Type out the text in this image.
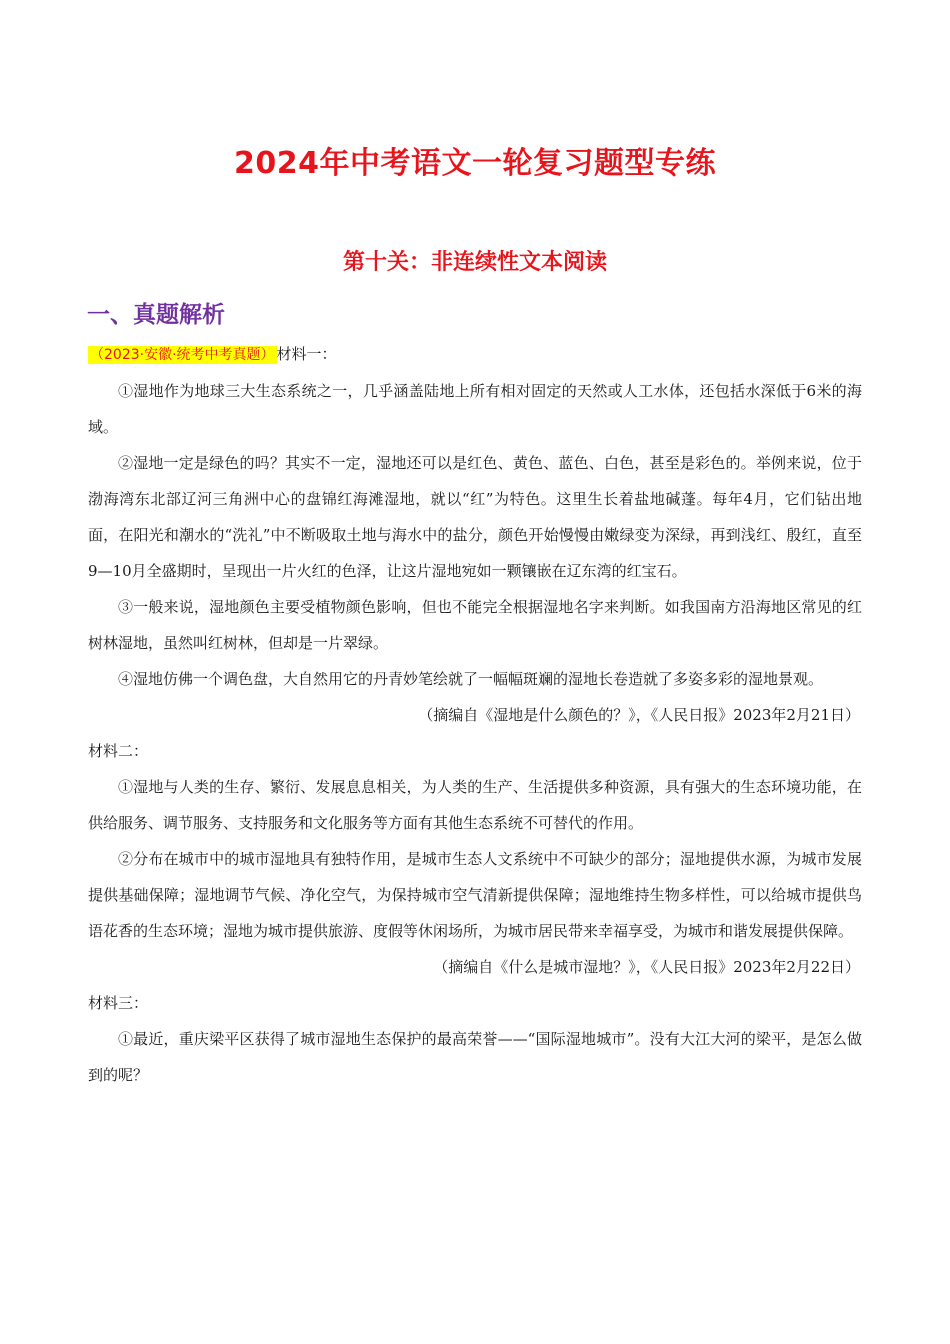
2024年中考语文一轮复习题型专练
第十关：非连续性文本阅读
一、真题解析

（2023·安徽·统考中考真题） 材料一：

①湿地作为地球三大生态系统之一，几乎涵盖陆地上所有相对固定的天然或人工水体，还包括水深低于6米的海域。

②湿地一定是绿色的吗？其实不一定，湿地还可以是红色、黄色、蓝色、白色，甚至是彩色的。举例来说，位于渤海湾东北部辽河三角洲中心的盘锦红海滩湿地，就以“红”为特色。这里生长着盐地碱蓬。每年4月，它们钻出地面，在阳光和潮水的“洗礼”中不断吸取土地与海水中的盐分，颜色开始慢慢由嫩绿变为深绿，再到浅红、殷红，直至9—10月全盛期时，呈现出一片火红的色泽，让这片湿地宛如一颗镶嵌在辽东湾的红宝石。

③一般来说，湿地颜色主要受植物颜色影响，但也不能完全根据湿地名字来判断。如我国南方沿海地区常见的红树林湿地，虽然叫红树林，但却是一片翠绿。

④湿地仿佛一个调色盘，大自然用它的丹青妙笔绘就了一幅幅斑斓的湿地长卷造就了多姿多彩的湿地景观。

（摘编自《湿地是什么颜色的？》，《人民日报》2023年2月21日）

材料二：

①湿地与人类的生存、繁衍、发展息息相关，为人类的生产、生活提供多种资源，具有强大的生态环境功能，在供给服务、调节服务、支持服务和文化服务等方面有其他生态系统不可替代的作用。

②分布在城市中的城市湿地具有独特作用，是城市生态人文系统中不可缺少的部分；湿地提供水源，为城市发展提供基础保障；湿地调节气候、净化空气，为保持城市空气清新提供保障；湿地维持生物多样性，可以给城市提供鸟语花香的生态环境；湿地为城市提供旅游、度假等休闲场所，为城市居民带来幸福享受，为城市和谐发展提供保障。

（摘编自《什么是城市湿地？》，《人民日报》2023年2月22日）

材料三：

①最近，重庆梁平区获得了城市湿地生态保护的最高荣誉——“国际湿地城市”。没有大江大河的梁平，是怎么做到的呢？
